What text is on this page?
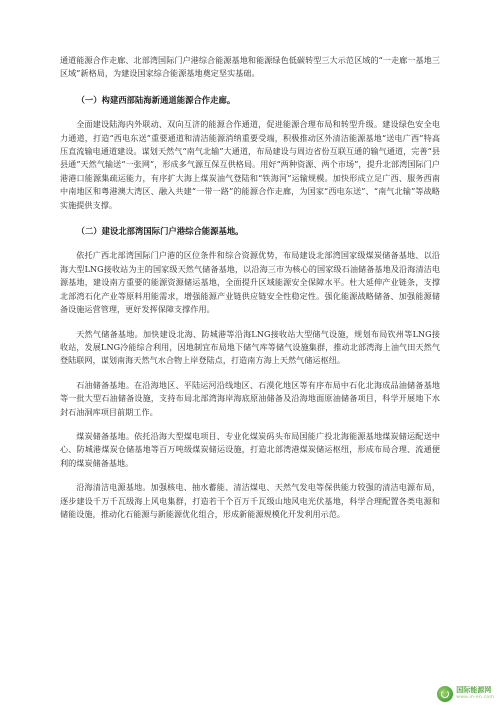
通道能源合作走廊、北部湾国际门户港综合能源基地和能源绿色低碳转型三大示范区域的“一走廊一基地三区域”新格局，为建设国家综合能源基地奠定坚实基础。

（一）构建西部陆海新通道能源合作走廊。

全面建设陆海内外联动、双向互济的能源合作通道，促进能源合理布局和转型升级。建设绿色安全电力通道，打造“西电东送”重要通道和清洁能源消纳重要受端，积极推动区外清洁能源基地“送电广西”特高压直流输电通道建设。谋划天然气“南气北输”大通道，布局建设与周边省份互联互通的输气通道，完善“县县通”天然气输送“一张网”，形成多气源互保互供格局。用好“两种资源、两个市场”，提升北部湾国际门户港港口能源集疏运能力，有序扩大海上煤炭油气登陆和“铁海河”运输规模。加快形成立足广西、服务西南中南地区和粤港澳大湾区、融入共建“一带一路”的能源合作走廊，为国家“西电东送”、“南气北输”等战略实施提供支撑。

（二）建设北部湾国际门户港综合能源基地。

依托广西北部湾国际门户港的区位条件和综合资源优势，布局建设北部湾国家级煤炭储备基地、以沿海大型LNG接收站为主的国家级天然气储备基地，以沿海三市为核心的国家级石油储备基地及沿海清洁电源基地，建设南方重要的能源资源储运基地，全面提升区域能源安全保障水平。杜大延伸产业链条，支撑北部湾石化产业等原料用能需求，增强能源产业链供应链安全性稳定性。强化能源战略储备、加强能源储备设施运营管理，更好发挥保障支撑作用。

天然气储备基地。加快建设北海、防城港等沿海LNG接收站大型储气设施，规划布局钦州等LNG接收站，发展LNG冷能综合利用，因地制宜布局地下储气库等储气设施集群，推动北部湾海上油气田天然气登陆联网，谋划南海天然气水合物上岸登陆点，打造南方海上天然气储运枢纽。

石油储备基地。在沿海地区、平陆运河沿线地区、石漠化地区等有序布局中石化北海成品油储备基地等一批大型石油储备设施，支持布局北部湾海岸海底原油储备及沿海地面原油储备项目，科学开展地下水封石油洞库项目前期工作。

煤炭储备基地。依托沿海大型煤电项目、专业化煤炭码头布局国能广投北海能源基地煤炭储运配送中心、防城港煤炭仓储基地等百万吨级煤炭储运设施，打造北部湾港煤炭储运枢纽，形成布局合理、流通便利的煤炭储备基地。

沿海清洁电源基地。加强核电、抽水蓄能、清洁煤电、天然气发电等保供能力较强的清洁电源布局，逐步建设千万千瓦级海上风电集群，打造若干个百万千瓦级山地风电光伏基地，科学合理配置各类电源和储能设施，推动化石能源与新能源优化组合，形成新能源规模化开发利用示范。

国际能源网
www.in-en.com
